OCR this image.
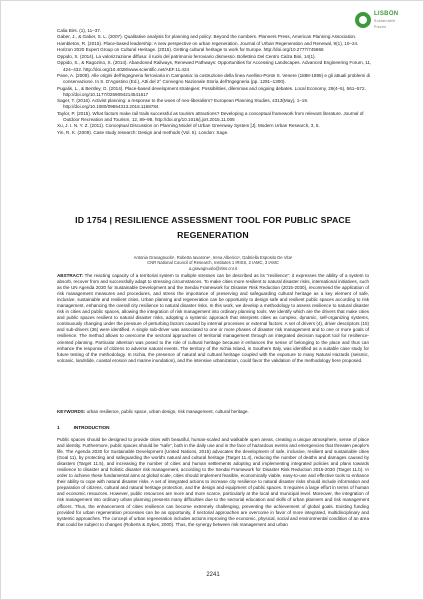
LISBON
Sustainable Places

Calia Birs. (1), 11–37.

Gaber, J., & Gaber, S. L. (2007). Qualitative analysis for planning and policy: Beyond the numbers. Planners Press, American Planning Association.

Hambleton, R. (2015). Place-based leadership: A new perspective on urban regeneration. Journal of Urban Regeneration and Renewal, 9(1), 10–24.

Horizon 2020 Expert Group on Cultural Heritage. (2015). Getting cultural heritage to work for Europe. http://doi.org/10.2777/745666

Oppido, S. (2014). La valorizzazione diffusa: il ruolo del patrimonio ferroviario dismesso. Bollettino Del Centro Calza Bini, 14(1).

Oppido, S., & Ragozino, S. (2014). Abandoned Railways, Renewed Pathways: Opportunities for Accessing Landscapes. Advanced Engineering Forum, 11, 424–432. http://doi.org/10.4028/www.scientific.net/AEF.11.424

Pane, A. (2008). Alle origini dell'ingegneria ferroviaria in Campania: la costruzione della linea Avellino-Ponte S. Venere (1888-1895) e gli attuali problemi di conservazione. In S. D'Agostino (Ed.), Atti del 2° Convegno Nazionale Storia dell'Ingegneria (pp. 1291–1300).

Pugalis, L., & Bentley, G. (2014). Place-based development strategies: Possibilities, dilemmas and ongoing debates. Local Economy, 29(4–5), 561–572. http://doi.org/10.1177/0269094214541617

Sager, T. (2016). Activist planning: a response to the woes of neo-liberalism? European Planning Studies, 4313(May), 1–19. http://doi.org/10.1080/09654313.2016.1168784

Taylor, P. (2015). What factors make rail trails successful as tourism attractions? Developing a conceptual framework from relevant literature. Journal of Outdoor Recreation and Tourism, 12, 89–98. http://doi.org/10.1016/j.jort.2015.11.005

Xu, J. I. N. Y. Z. (2011). Conceptual Discussion on Planning Model of Urban Greenway System [J]. Modern Urban Research, 3, 5.

Yin, R. K. (2009). Case study research: Design and methods (Vol. 5). London: Sage.

ID 1754 | RESILIENCE ASSESSMENT TOOL FOR PUBLIC SPACE REGENERATION
Antonia Gravagnuolo¹, Roberta Iavarone¹, Irena Alberico¹, Gabriella Esposito De Vita¹
CNR National Council of Research, Institutes 1 IRISS, 2 IAMC, 3 IAMC
a.gravagnuolo@iriss.cnr.it
ABSTRACT: The reacting capacity of a territorial system to multiple stresses can be described as its "resilience": it expresses the ability of a system to absorb, recover from and successfully adapt to stressing circumstances. To make cities more resilient to natural disaster risks, international initiatives, such as the UN Agenda 2030 for Sustainable Development and the Sendai Framework for Disaster Risk Reduction (2015-2030), recommend the application of risk management measures and procedures, and stress the importance of preserving and safeguarding cultural heritage as a key element of safe, inclusive, sustainable and resilient cities. Urban planning and regeneration can be opportunity to design safe and resilient public spaces according to risk management, enhancing the overall city resilience to natural disaster risks. In this work, we develop a methodology to assess resilience to natural disaster risk in cities and public spaces, allowing the integration of risk management into ordinary planning tools. We identify which are the drivers that make cities and public spaces resilient to natural disaster risks, adopting a systemic approach that interprets cities as complex, dynamic, self-organizing systems, continuously changing under the pressure of perturbing factors caused by internal processes or external factors. A set of drivers (4), driver descriptors (15) and sub-drivers (36) were identified. A single sub-driver was associated to one or more phases of disaster risk management and to one or more goals of resilience. The method allows to overcome the sectoral approaches of territorial management through an integrated decision support tool for resilience-oriented planning. Particular attention was posed to the role of cultural heritage because it enhances the sense of belonging to the place and thus can enhance the response of citizens to adverse natural events. The territory of the Ischia Island, in Southern Italy, was identified as a suitable case study for future testing of the methodology. In Ischia, the presence of natural and cultural heritage coupled with the exposure to many Natural Hazards (seismic, volcanic, landslide, coastal erosion and marine inundation), and the intensive urbanization, could favor the validation of the methodology here proposed.
KEYWORDS: urban resilience, public space, urban design, risk management, cultural heritage.
1	INTRODUCTION
Public spaces should be designed to provide cities with beautiful, human-scaled and walkable open areas, creating a unique atmosphere, sense of place and identity. Furthermore, public spaces should be "safe", both in the daily use and in the face of hazardous events and emergencies that threaten people's life. The Agenda 2030 for Sustainable Development (United Nations, 2015) advocates the development of safe, inclusive, resilient and sustainable cities (Goal 11), by protecting and safeguarding the world's natural and cultural heritage (Target 11.4), reducing the number of deaths and damages caused by disasters (Target 11.5), and increasing the number of cities and human settlements adopting and implementing integrated policies and plans towards resilience to disaster and holistic disaster risk management, according to the Sendai Framework for Disaster Risk Reduction 2015-2030 (Target 11.b). In order to achieve these fundamental aims at global scale, cities should implement feasible, economically viable, easy-to-use and effective tools to enhance their ability to cope with natural disaster risks. A set of integrated actions to increase city resilience to natural disaster risks should include information and preparation of citizens, cultural and natural heritage protection, and the design and equipment of public spaces. It requires a large effort in terms of human and economic resources. However, public resources are more and more scarce, particularly at the local and municipal level. Moreover, the integration of risk management into ordinary urban planning presents many difficulties due to the sectorial education and skills of urban planners and risk management officers. Thus, the enhancement of cities resilience can become extremely challenging, preventing the achievement of global goals. Existing funding provided for urban regeneration processes can be an opportunity, if sectorial approaches are overcome in favor of more integrated, multidisciplinary and systemic approaches. The concept of urban regeneration includes actions improving the economic, physical, social and environmental condition of an area that could be subject to changes (Roberts & Sykes, 2000). Thus, the synergy between risk management and urban
2241
